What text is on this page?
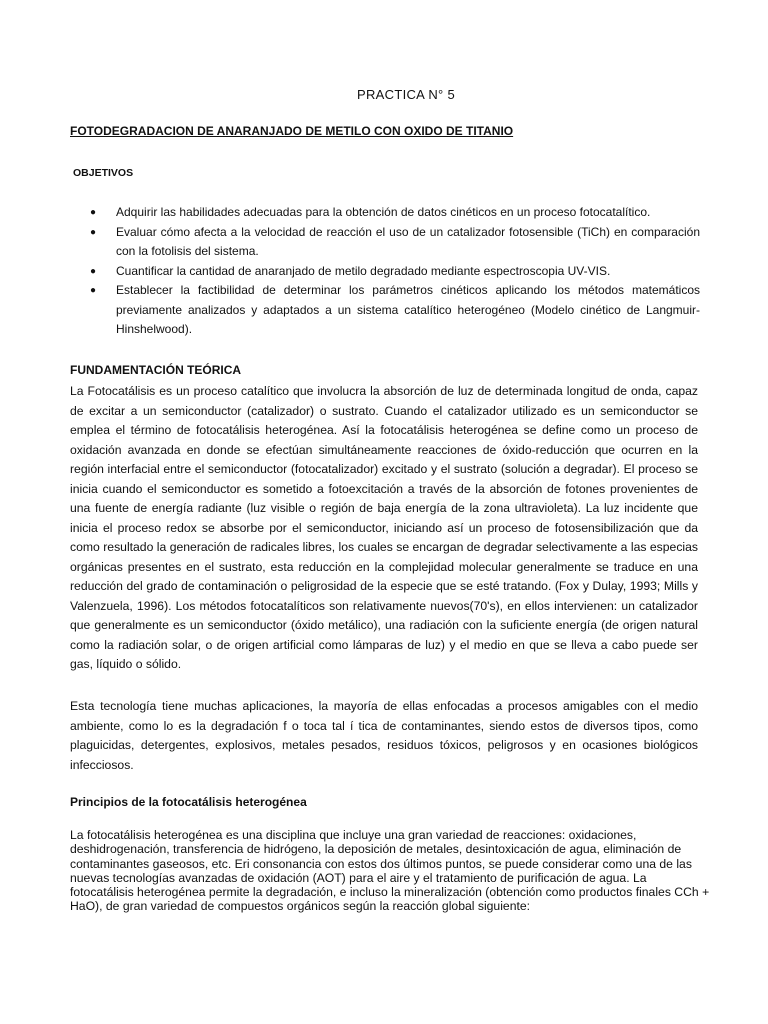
PRACTICA N° 5
FOTODEGRADACION DE ANARANJADO DE METILO CON OXIDO DE TITANIO
OBJETIVOS
● Adquirir las habilidades adecuadas para la obtención de datos cinéticos en un proceso fotocatalítico.
● Evaluar cómo afecta a la velocidad de reacción el uso de un catalizador fotosensible (TiCh) en comparación con la fotolisis del sistema.
● Cuantificar la cantidad de anaranjado de metilo degradado mediante espectroscopia UV-VIS.
● Establecer la factibilidad de determinar los parámetros cinéticos aplicando los métodos matemáticos previamente analizados y adaptados a un sistema catalítico heterogéneo (Modelo cinético de Langmuir-Hinshelwood).
FUNDAMENTACIÓN TEÓRICA

La Fotocatálisis es un proceso catalítico que involucra la absorción de luz de determinada longitud de onda, capaz de excitar a un semiconductor (catalizador) o sustrato. Cuando el catalizador utilizado es un semiconductor se emplea el término de fotocatálisis heterogénea. Así la fotocatálisis heterogénea se define como un proceso de oxidación avanzada en donde se efectúan simultáneamente reacciones de óxido-reducción que ocurren en la región interfacial entre el semiconductor (fotocatalizador) excitado y el sustrato (solución a degradar). El proceso se inicia cuando el semiconductor es sometido a fotoexcitación a través de la absorción de fotones provenientes de una fuente de energía radiante (luz visible o región de baja energía de la zona ultravioleta). La luz incidente que inicia el proceso redox se absorbe por el semiconductor, iniciando así un proceso de fotosensibilización que da como resultado la generación de radicales libres, los cuales se encargan de degradar selectivamente a las especias orgánicas presentes en el sustrato, esta reducción en la complejidad molecular generalmente se traduce en una reducción del grado de contaminación o peligrosidad de la especie que se esté tratando. (Fox y Dulay, 1993; Mills y Valenzuela, 1996). Los métodos fotocatalíticos son relativamente nuevos(70's), en ellos intervienen: un catalizador que generalmente es un semiconductor (óxido metálico), una radiación con la suficiente energía (de origen natural como la radiación solar, o de origen artificial como lámparas de luz) y el medio en que se lleva a cabo puede ser gas, líquido o sólido.

Esta tecnología tiene muchas aplicaciones, la mayoría de ellas enfocadas a procesos amigables con el medio ambiente, como lo es la degradación f o toca tal í tica de contaminantes, siendo estos de diversos tipos, como plaguicidas, detergentes, explosivos, metales pesados, residuos tóxicos, peligrosos y en ocasiones biológicos infecciosos.

Principios de la fotocatálisis heterogénea

La fotocatálisis heterogénea es una disciplina que incluye una gran variedad de reacciones: oxidaciones, deshidrogenación, transferencia de hidrógeno, la deposición de metales, desintoxicación de agua, eliminación de contaminantes gaseosos, etc. Eri consonancia con estos dos últimos puntos, se puede considerar como una de las nuevas tecnologías avanzadas de oxidación (AOT) para el aire y el tratamiento de purificación de agua. La fotocatálisis heterogénea permite la degradación, e incluso la mineralización (obtención como productos finales CCh + HaO), de gran variedad de compuestos orgánicos según la reacción global siguiente:
